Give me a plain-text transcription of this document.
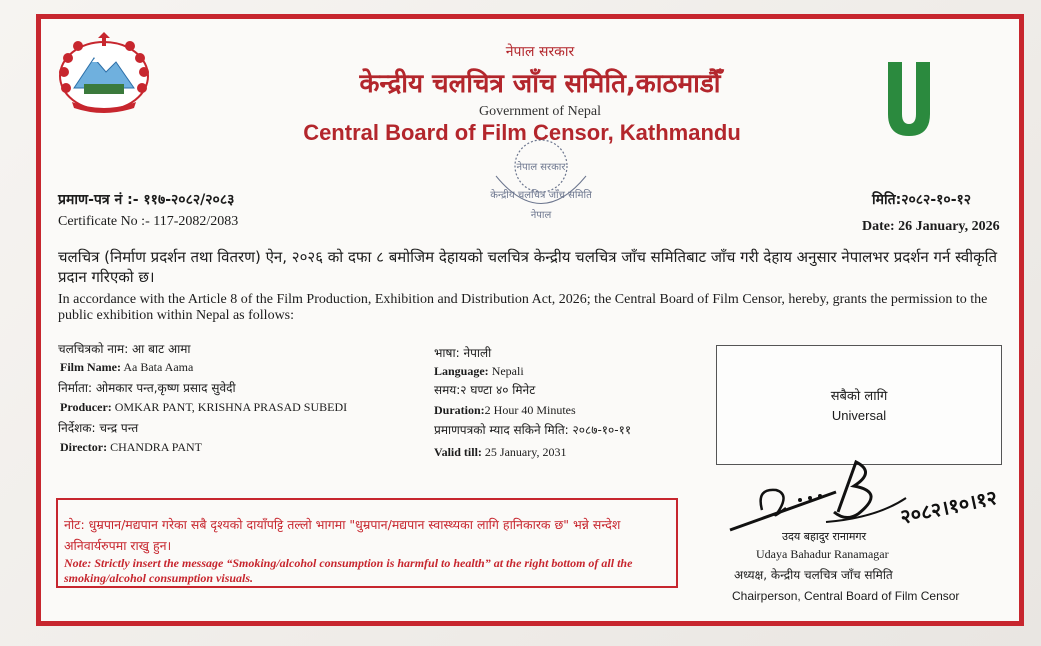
नेपाल सरकार
केन्द्रीय चलचित्र जाँच समिति,काठमाडौँ
Government of Nepal
Central Board of Film Censor, Kathmandu
नेपाल सरकार
केन्द्रीय चलचित्र जाँच समिति
नेपाल
प्रमाण-पत्र नं :- ११७-२०८२/२०८३
Certificate No :- 117-2082/2083
मिति:२०८२-१०-१२
Date: 26 January, 2026
चलचित्र (निर्माण प्रदर्शन तथा वितरण) ऐन, २०२६ को दफा ८ बमोजिम देहायको चलचित्र केन्द्रीय चलचित्र जाँच समितिबाट जाँच गरी देहाय अनुसार नेपालभर प्रदर्शन गर्न स्वीकृति प्रदान गरिएको छ।
In accordance with the Article 8 of the Film Production, Exhibition and Distribution Act, 2026; the Central Board of Film Censor, hereby, grants the permission to the public exhibition within Nepal as follows:
चलचित्रको नाम: आ बाट आमा
Film Name: Aa Bata Aama
निर्माता: ओमकार पन्त,कृष्ण प्रसाद सुवेदी
Producer: OMKAR PANT, KRISHNA PRASAD SUBEDI
निर्देशक: चन्द्र पन्त
Director: CHANDRA PANT
भाषा: नेपाली
Language: Nepali
समय:२ घण्टा ४० मिनेट
Duration:2 Hour 40 Minutes
प्रमाणपत्रको म्याद सकिने मिति: २०८७-१०-११
Valid till: 25 January, 2031
सबैको लागि
Universal
नोट: धुम्रपान/मद्यपान गरेका सबै दृश्यको दायाँपट्टि तल्लो भागमा "धुम्रपान/मद्यपान स्वास्थ्यका लागि हानिकारक छ" भन्ने सन्देश अनिवार्यरुपमा राखु हुन।
Note: Strictly insert the message “Smoking/alcohol consumption is harmful to health” at the right bottom of all the smoking/alcohol consumption visuals.
उदय बहादुर रानामगर
२०८२।१०।१२
Udaya Bahadur Ranamagar
अध्यक्ष, केन्द्रीय चलचित्र जाँच समिति
Chairperson, Central Board of Film Censor
